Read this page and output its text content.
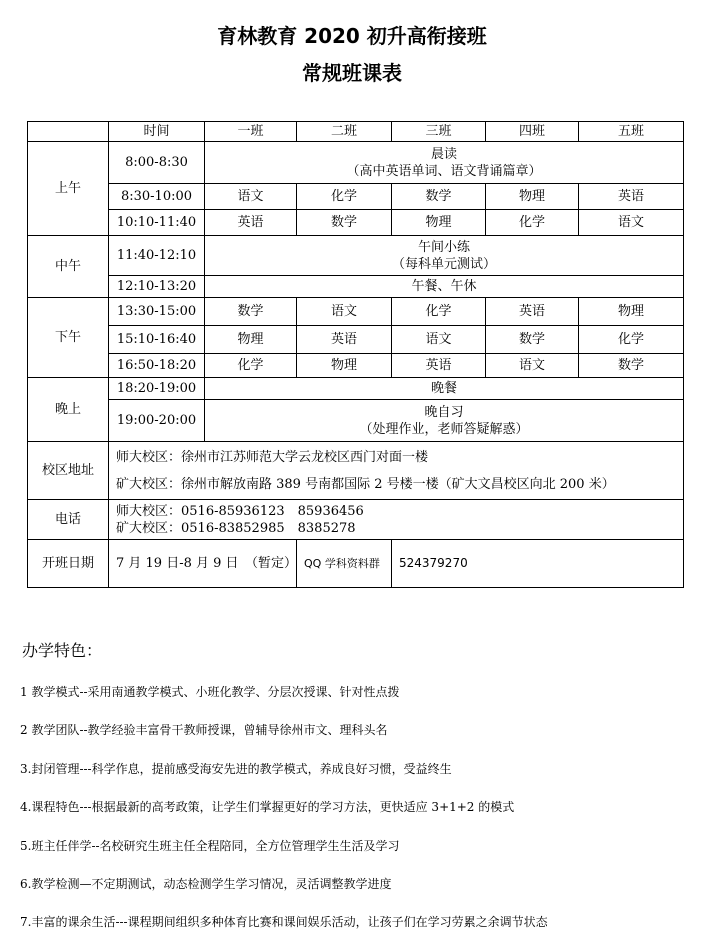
育林教育 2020 初升高衔接班
常规班课表
	时间	一班	二班	三班	四班	五班
上午	8:00-8:30	晨读
（高中英语单词、语文背诵篇章）				

	8:30-10:00	语文	化学	数学	物理	英语
	10:10-11:40	英语	数学	物理	化学	语文
中午	11:40-12:10	午间小练
（每科单元测试）				

	12:10-13:20	午餐、午休				
下午	13:30-15:00	数学	语文	化学	英语	物理
	15:10-16:40	物理	英语	语文	数学	化学
	16:50-18:20	化学	物理	英语	语文	数学
晚上	18:20-19:00	晚餐				
	19:00-20:00	晚自习
（处理作业，老师答疑解惑）				

校区地址	师大校区：徐州市江苏师范大学云龙校区西门对面一楼
矿大校区：徐州市解放南路 389 号南都国际 2 号楼一楼（矿大文昌校区向北 200 米）					

电话	师大校区：0516-85936123　85936456
矿大校区：0516-83852985　8385278					

开班日期	7 月 19 日-8 月 9 日　（暂定）		QQ 学科资料群	524379270		
办学特色：
1 教学模式--采用南通教学模式、小班化教学、分层次授课、针对性点拨
2 教学团队--教学经验丰富骨干教师授课，曾辅导徐州市文、理科头名
3.封闭管理---科学作息，提前感受海安先进的教学模式，养成良好习惯，受益终生
4.课程特色---根据最新的高考政策，让学生们掌握更好的学习方法，更快适应 3+1+2 的模式
5.班主任伴学--名校研究生班主任全程陪同，全方位管理学生生活及学习
6.教学检测—不定期测试，动态检测学生学习情况，灵活调整教学进度
7.丰富的课余生活---课程期间组织多种体育比赛和课间娱乐活动，让孩子们在学习劳累之余调节状态
